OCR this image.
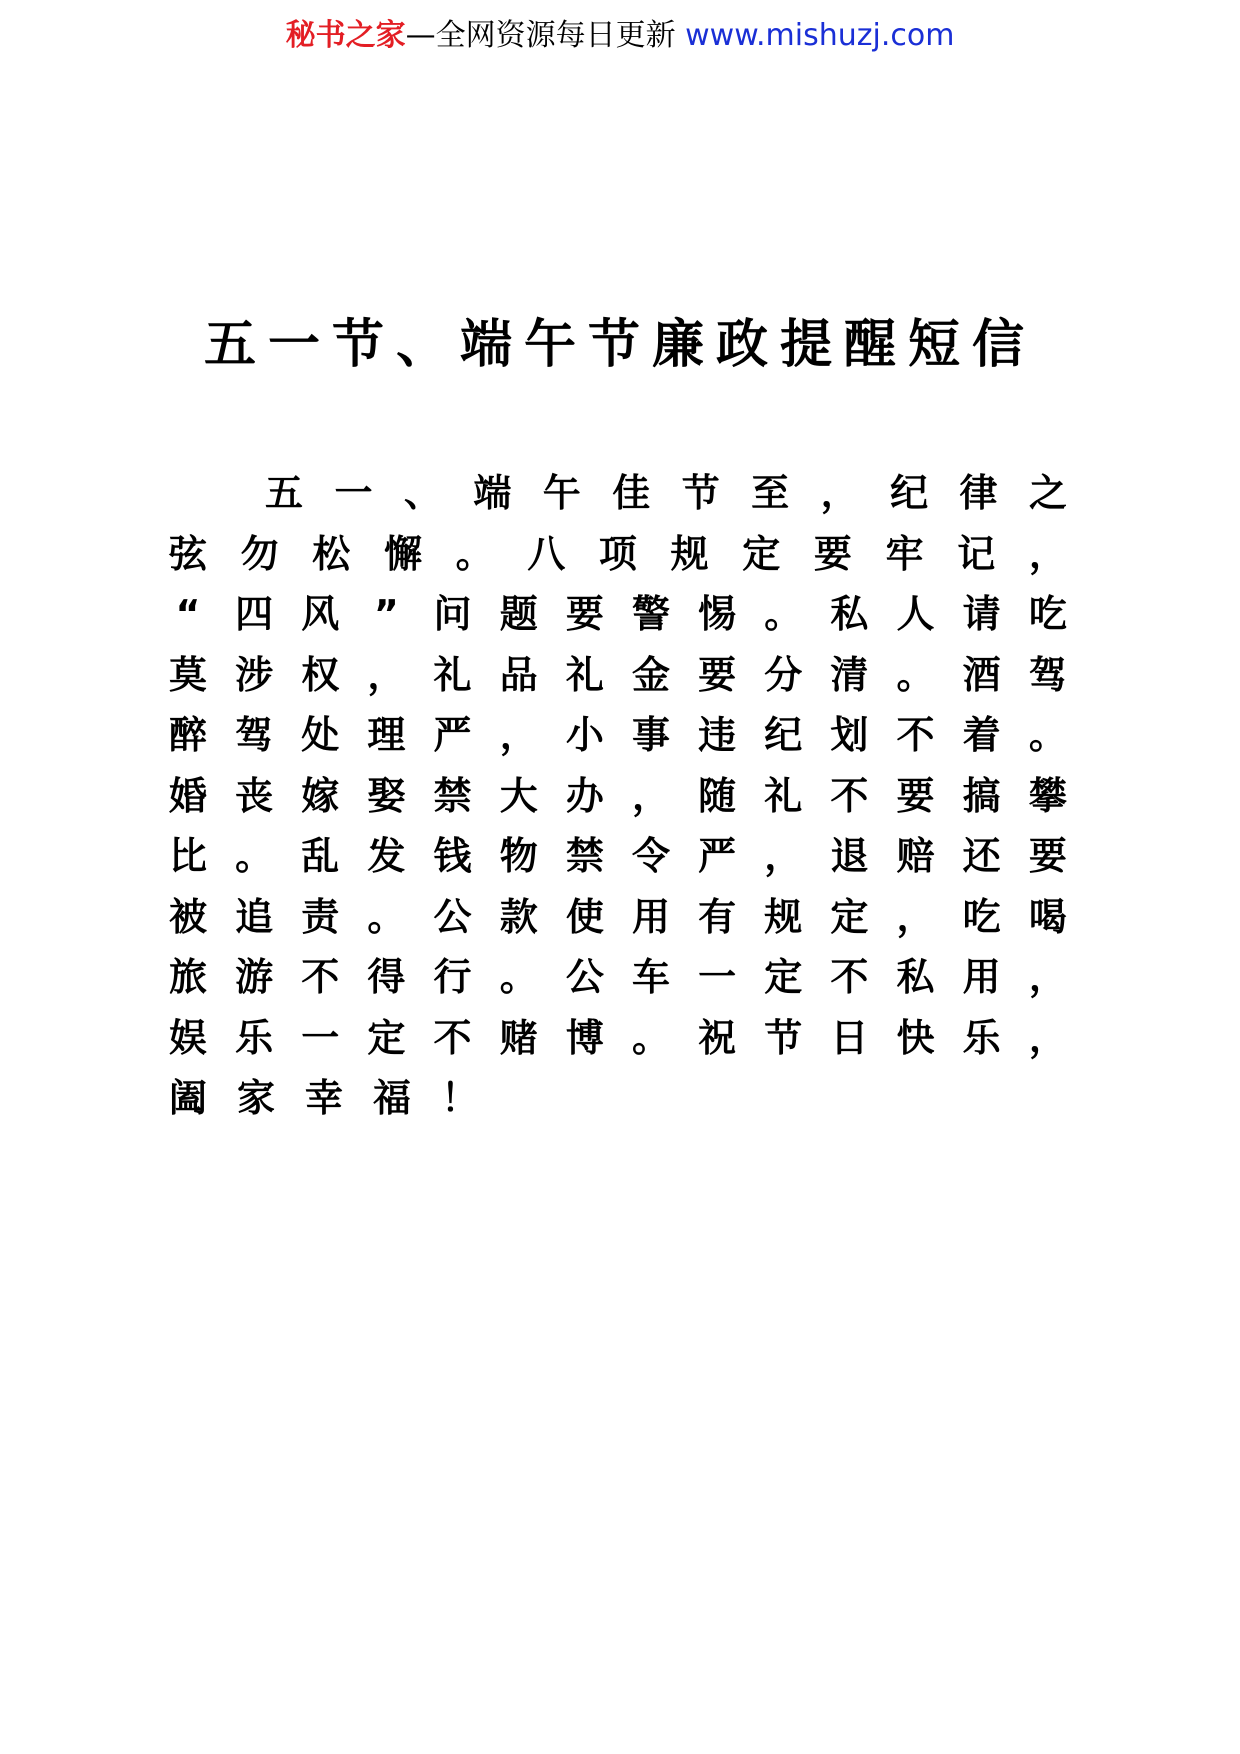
秘书之家—全网资源每日更新 www.mishuzj.com
五一节、端午节廉政提醒短信
五 一 、 端 午 佳 节 至 ， 纪 律 之
弦 勿 松 懈 。 八 项 规 定 要 牢 记 ，
“ 四 风 ” 问 题 要 警 惕 。 私 人 请 吃
莫 涉 权 ， 礼 品 礼 金 要 分 清 。 酒 驾
醉 驾 处 理 严 ， 小 事 违 纪 划 不 着 。
婚 丧 嫁 娶 禁 大 办 ， 随 礼 不 要 搞 攀
比 。 乱 发 钱 物 禁 令 严 ， 退 赔 还 要
被 追 责 。 公 款 使 用 有 规 定 ， 吃 喝
旅 游 不 得 行 。 公 车 一 定 不 私 用 ，
娱 乐 一 定 不 赌 博 。 祝 节 日 快 乐 ，
阖 家 幸 福 ！
